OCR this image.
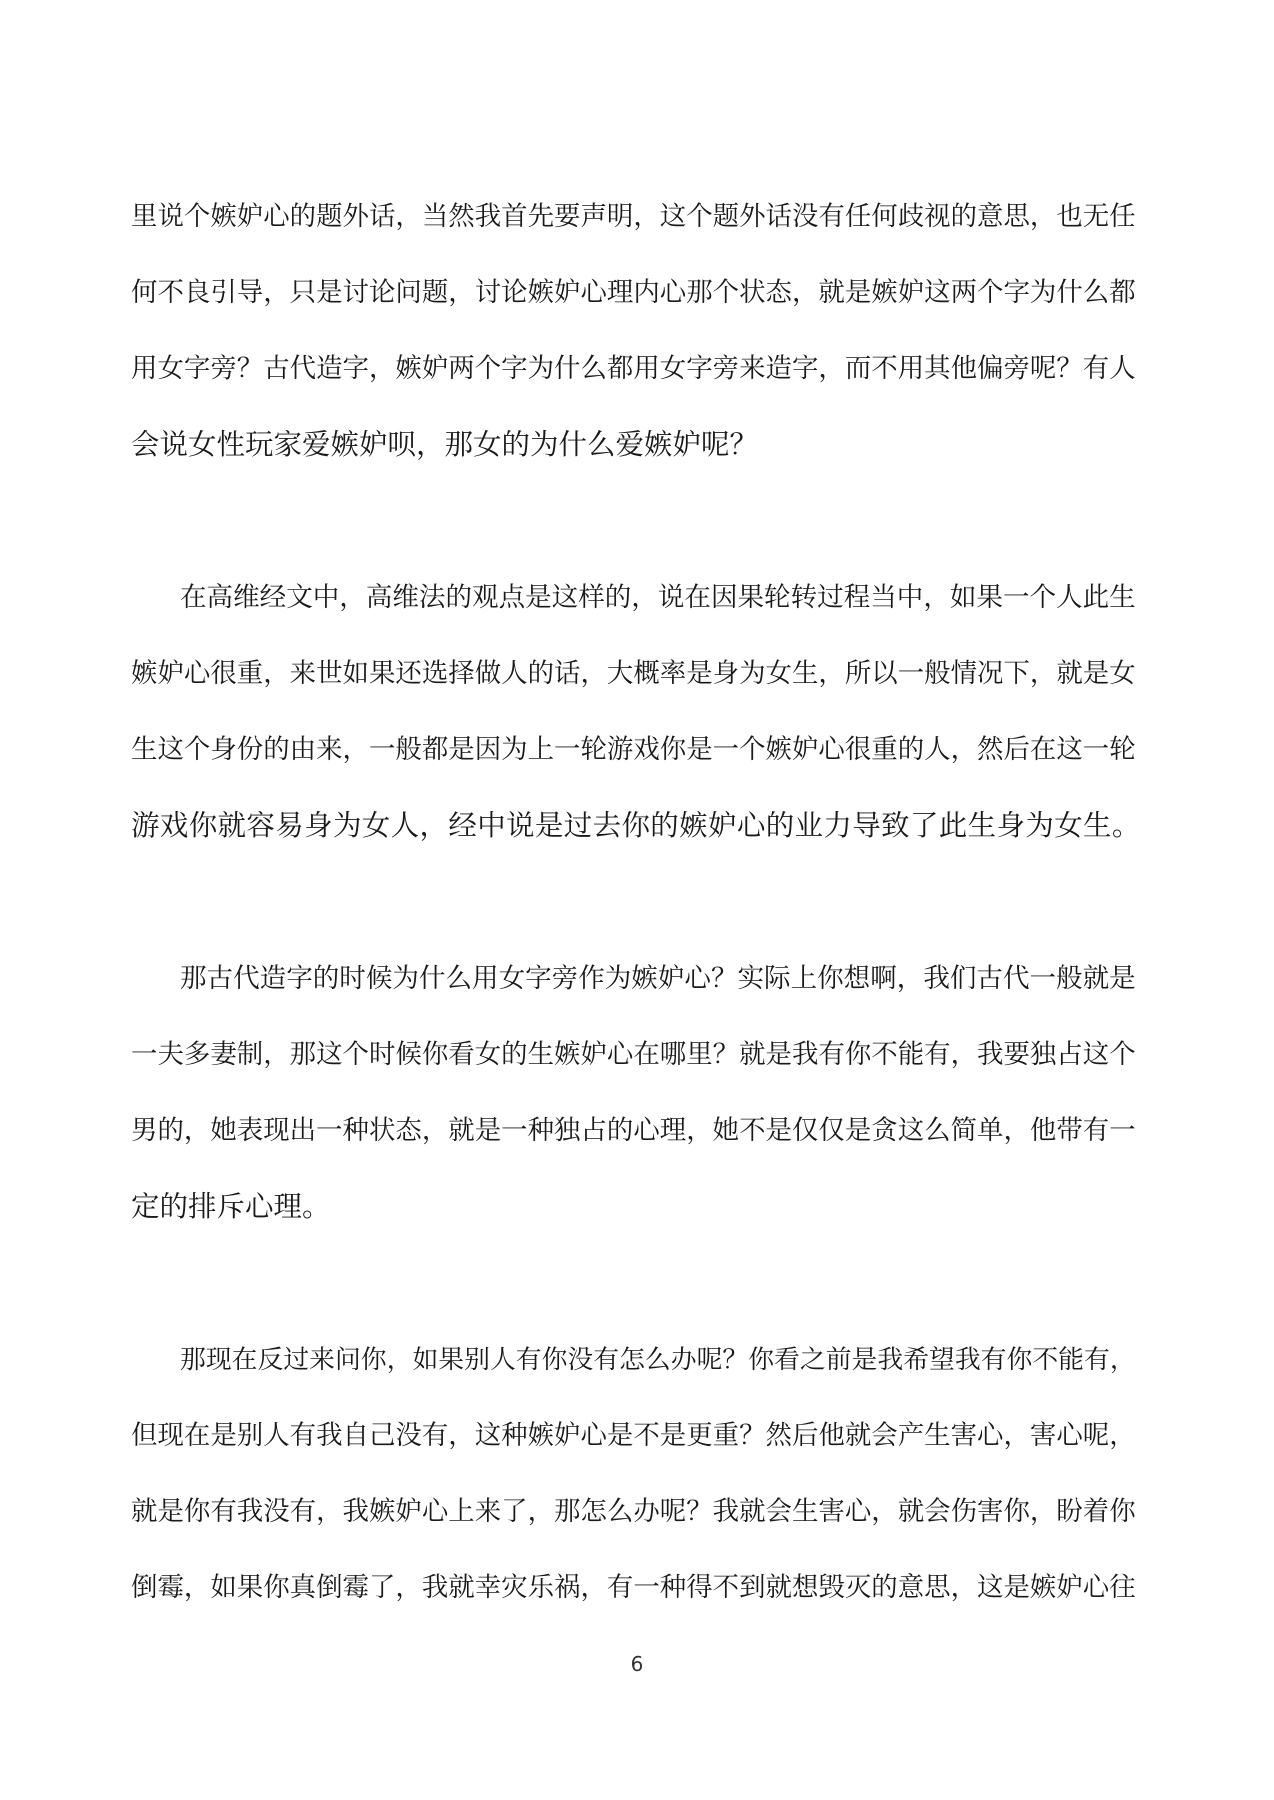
里说个嫉妒心的题外话，当然我首先要声明，这个题外话没有任何歧视的意思，也无任
何不良引导，只是讨论问题，讨论嫉妒心理内心那个状态，就是嫉妒这两个字为什么都
用女字旁？古代造字，嫉妒两个字为什么都用女字旁来造字，而不用其他偏旁呢？有人
会说女性玩家爱嫉妒呗，那女的为什么爱嫉妒呢？
在高维经文中，高维法的观点是这样的，说在因果轮转过程当中，如果一个人此生
嫉妒心很重，来世如果还选择做人的话，大概率是身为女生，所以一般情况下，就是女
生这个身份的由来，一般都是因为上一轮游戏你是一个嫉妒心很重的人，然后在这一轮
游戏你就容易身为女人，经中说是过去你的嫉妒心的业力导致了此生身为女生。
那古代造字的时候为什么用女字旁作为嫉妒心？实际上你想啊，我们古代一般就是
一夫多妻制，那这个时候你看女的生嫉妒心在哪里？就是我有你不能有，我要独占这个
男的，她表现出一种状态，就是一种独占的心理，她不是仅仅是贪这么简单，他带有一
定的排斥心理。
那现在反过来问你，如果别人有你没有怎么办呢？你看之前是我希望我有你不能有，
但现在是别人有我自己没有，这种嫉妒心是不是更重？然后他就会产生害心，害心呢，
就是你有我没有，我嫉妒心上来了，那怎么办呢？我就会生害心，就会伤害你，盼着你
倒霉，如果你真倒霉了，我就幸灾乐祸，有一种得不到就想毁灭的意思，这是嫉妒心往
6
